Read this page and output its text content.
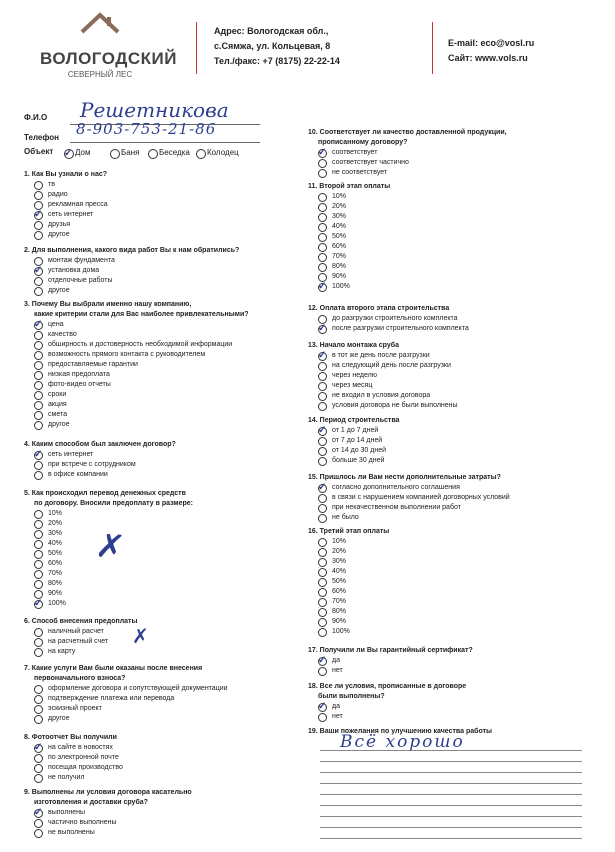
ВОЛОГОДСКИЙ
СЕВЕРНЫЙ ЛЕС
Адрес: Вологодская обл.,
с.Сямжа, ул. Кольцевая, 8
Тел./факс: +7 (8175) 22-22-14
E-mail: eco@vosl.ru
Сайт: www.vols.ru
Ф.И.О Решетникова
Телефон 8-903-753-21-86
Объект ✓ Дом	Баня	Беседка	Колодец
1. Как Вы узнали о нас?
тв
радио
рекламная пресса
✓ сеть интернет
друзья
другое
2. Для выполнения, какого вида работ Вы к нам обратились?
монтаж фундамента
✓ установка дома
отделочные работы
другое
3. Почему Вы выбрали именно нашу компанию,
какие критерии стали для Вас наиболее привлекательными?
✓ цена
качество
обширность и достоверность необходимой информации
возможность прямого контакта с руководителем
предоставляемые гарантии
низкая предоплата
фото-видео отчеты
сроки
акция
смета
другое
4. Каким способом был заключен договор?
✓ сеть интернет
при встрече с сотрудником
в офисе компании
5. Как происходил перевод денежных средств
по договору. Вносили предоплату в размере:
10%
20%
30%
40%
50%
60%
70%
80%
90%
✓ 100%
6. Способ внесения предоплаты
наличный расчет
на расчетный счет
на карту
7. Какие услуги Вам были оказаны после внесения
первоначального взноса?
оформление договора и сопутствующей документации
подтверждение платежа или перевода
эскизный проект
другое
8. Фотоотчет Вы получили
✓ на сайте в новостях
по электронной почте
посещая производство
не получил
9. Выполнены ли условия договора касательно
изготовления и доставки сруба?
✓ выполнены
частично выполнены
не выполнены
10. Соответствует ли качество доставленной продукции,
прописанному договору?
✓ соответствует
соответствует частично
не соответствует
11. Второй этап оплаты
10%
20%
30%
40%
50%
60%
70%
80%
90%
✓ 100%
12. Оплата второго этапа строительства
до разгрузки строительного комплекта
✓ после разгрузки строительного комплекта
13. Начало монтажа сруба
✓ в тот же день после разгрузки
на следующий день после разгрузки
через неделю
через месяц
не входил в условия договора
условия договора не были выполнены
14. Период строительства
✓ от 1 до 7 дней
от 7 до 14 дней
от 14 до 30 дней
больше 30 дней
15. Пришлось ли Вам нести дополнительные затраты?
✓ согласно дополнительного соглашения
в связи с нарушением компанией договорных условий
при некачественном выполнении работ
не было
16. Третий этап оплаты
10%
20%
30%
40%
50%
60%
70%
80%
90%
100%
17. Получили ли Вы гарантийный сертификат?
✓ да
нет
18. Все ли условия, прописанные в договоре
были выполнены?
✓ да
нет
19. Ваши пожелания по улучшению качества работы
✗
✗
Всё хорошо
